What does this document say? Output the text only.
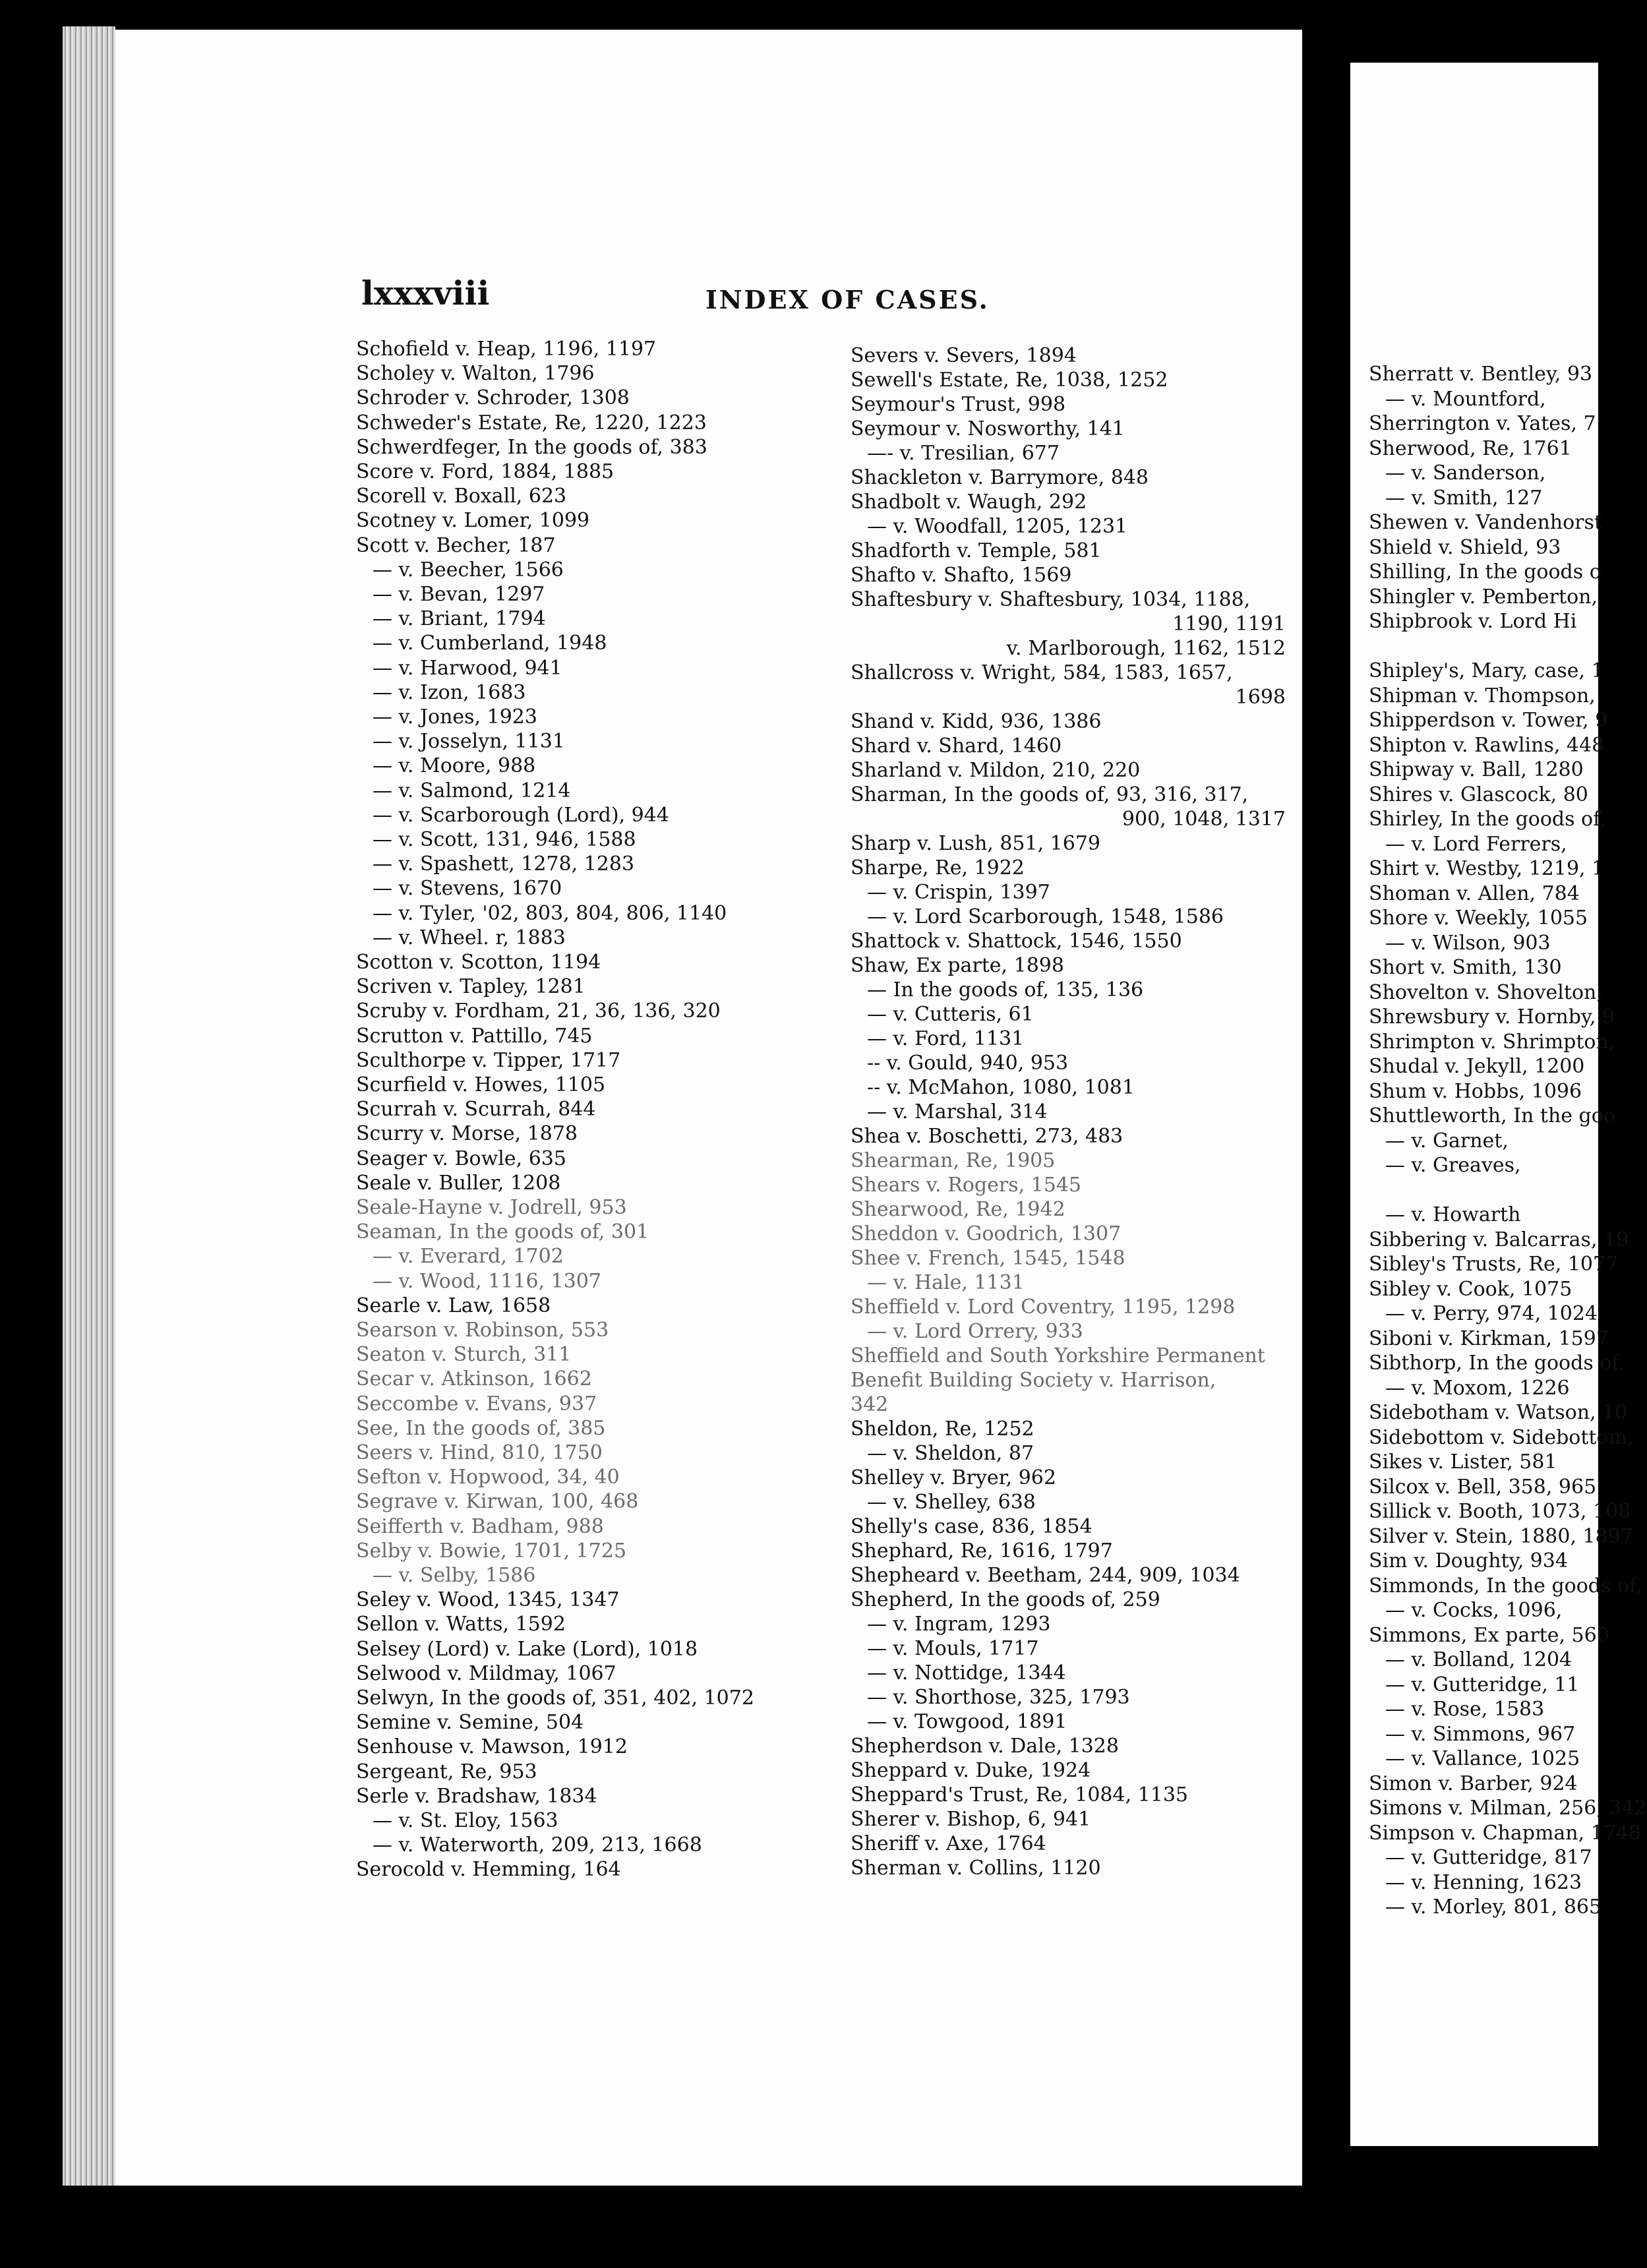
Sherratt v. Bentley, 93
— v. Mountford,
Sherrington v. Yates, 7
Sherwood, Re, 1761
— v. Sanderson,
— v. Smith, 127
Shewen v. Vandenhorst
Shield v. Shield, 93
Shilling, In the goods o
Shingler v. Pemberton,
Shipbrook v. Lord Hi
Shipley's, Mary, case, 1
Shipman v. Thompson,
Shipperdson v. Tower, 9
Shipton v. Rawlins, 448
Shipway v. Ball, 1280
Shires v. Glascock, 80
Shirley, In the goods of,
— v. Lord Ferrers,
Shirt v. Westby, 1219, 1
Shoman v. Allen, 784
Shore v. Weekly, 1055
— v. Wilson, 903
Short v. Smith, 130
Shovelton v. Shovelton,
Shrewsbury v. Hornby, 9
Shrimpton v. Shrimpton,
Shudal v. Jekyll, 1200
Shum v. Hobbs, 1096
Shuttleworth, In the goo
— v. Garnet,
— v. Greaves,
— v. Howarth
Sibbering v. Balcarras, 19
Sibley's Trusts, Re, 1077
Sibley v. Cook, 1075
— v. Perry, 974, 1024
Siboni v. Kirkman, 1597
Sibthorp, In the goods of,
— v. Moxom, 1226
Sidebotham v. Watson, 10
Sidebottom v. Sidebottom,
Sikes v. Lister, 581
Silcox v. Bell, 358, 965
Sillick v. Booth, 1073, 108
Silver v. Stein, 1880, 1897
Sim v. Doughty, 934
Simmonds, In the goods of,
— v. Cocks, 1096,
Simmons, Ex parte, 560
— v. Bolland, 1204
— v. Gutteridge, 11
— v. Rose, 1583
— v. Simmons, 967
— v. Vallance, 1025
Simon v. Barber, 924
Simons v. Milman, 256, 342
Simpson v. Chapman, 1748
— v. Gutteridge, 817
— v. Henning, 1623
— v. Morley, 801, 865
lxxxviii	INDEX OF CASES.
Schofield v. Heap, 1196, 1197
Scholey v. Walton, 1796
Schroder v. Schroder, 1308
Schweder's Estate, Re, 1220, 1223
Schwerdfeger, In the goods of, 383
Score v. Ford, 1884, 1885
Scorell v. Boxall, 623
Scotney v. Lomer, 1099
Scott v. Becher, 187
— v. Beecher, 1566
— v. Bevan, 1297
— v. Briant, 1794
— v. Cumberland, 1948
— v. Harwood, 941
— v. Izon, 1683
— v. Jones, 1923
— v. Josselyn, 1131
— v. Moore, 988
— v. Salmond, 1214
— v. Scarborough (Lord), 944
— v. Scott, 131, 946, 1588
— v. Spashett, 1278, 1283
— v. Stevens, 1670
— v. Tyler, '02, 803, 804, 806, 1140
— v. Wheel. r, 1883
Scotton v. Scotton, 1194
Scriven v. Tapley, 1281
Scruby v. Fordham, 21, 36, 136, 320
Scrutton v. Pattillo, 745
Sculthorpe v. Tipper, 1717
Scurfield v. Howes, 1105
Scurrah v. Scurrah, 844
Scurry v. Morse, 1878
Seager v. Bowle, 635
Seale v. Buller, 1208
Seale-Hayne v. Jodrell, 953
Seaman, In the goods of, 301
— v. Everard, 1702
— v. Wood, 1116, 1307
Searle v. Law, 1658
Searson v. Robinson, 553
Seaton v. Sturch, 311
Secar v. Atkinson, 1662
Seccombe v. Evans, 937
See, In the goods of, 385
Seers v. Hind, 810, 1750
Sefton v. Hopwood, 34, 40
Segrave v. Kirwan, 100, 468
Seifferth v. Badham, 988
Selby v. Bowie, 1701, 1725
— v. Selby, 1586
Seley v. Wood, 1345, 1347
Sellon v. Watts, 1592
Selsey (Lord) v. Lake (Lord), 1018
Selwood v. Mildmay, 1067
Selwyn, In the goods of, 351, 402, 1072
Semine v. Semine, 504
Senhouse v. Mawson, 1912
Sergeant, Re, 953
Serle v. Bradshaw, 1834
— v. St. Eloy, 1563
— v. Waterworth, 209, 213, 1668
Serocold v. Hemming, 164
Severs v. Severs, 1894
Sewell's Estate, Re, 1038, 1252
Seymour's Trust, 998
Seymour v. Nosworthy, 141
—- v. Tresilian, 677
Shackleton v. Barrymore, 848
Shadbolt v. Waugh, 292
— v. Woodfall, 1205, 1231
Shadforth v. Temple, 581
Shafto v. Shafto, 1569
Shaftesbury v. Shaftesbury, 1034, 1188,
1190, 1191
v. Marlborough, 1162, 1512
Shallcross v. Wright, 584, 1583, 1657,
1698
Shand v. Kidd, 936, 1386
Shard v. Shard, 1460
Sharland v. Mildon, 210, 220
Sharman, In the goods of, 93, 316, 317,
900, 1048, 1317
Sharp v. Lush, 851, 1679
Sharpe, Re, 1922
— v. Crispin, 1397
— v. Lord Scarborough, 1548, 1586
Shattock v. Shattock, 1546, 1550
Shaw, Ex parte, 1898
— In the goods of, 135, 136
— v. Cutteris, 61
— v. Ford, 1131
-- v. Gould, 940, 953
-- v. McMahon, 1080, 1081
— v. Marshal, 314
Shea v. Boschetti, 273, 483
Shearman, Re, 1905
Shears v. Rogers, 1545
Shearwood, Re, 1942
Sheddon v. Goodrich, 1307
Shee v. French, 1545, 1548
— v. Hale, 1131
Sheffield v. Lord Coventry, 1195, 1298
— v. Lord Orrery, 933
Sheffield and South Yorkshire Permanent
Benefit Building Society v. Harrison,
342
Sheldon, Re, 1252
— v. Sheldon, 87
Shelley v. Bryer, 962
— v. Shelley, 638
Shelly's case, 836, 1854
Shephard, Re, 1616, 1797
Shepheard v. Beetham, 244, 909, 1034
Shepherd, In the goods of, 259
— v. Ingram, 1293
— v. Mouls, 1717
— v. Nottidge, 1344
— v. Shorthose, 325, 1793
— v. Towgood, 1891
Shepherdson v. Dale, 1328
Sheppard v. Duke, 1924
Sheppard's Trust, Re, 1084, 1135
Sherer v. Bishop, 6, 941
Sheriff v. Axe, 1764
Sherman v. Collins, 1120
